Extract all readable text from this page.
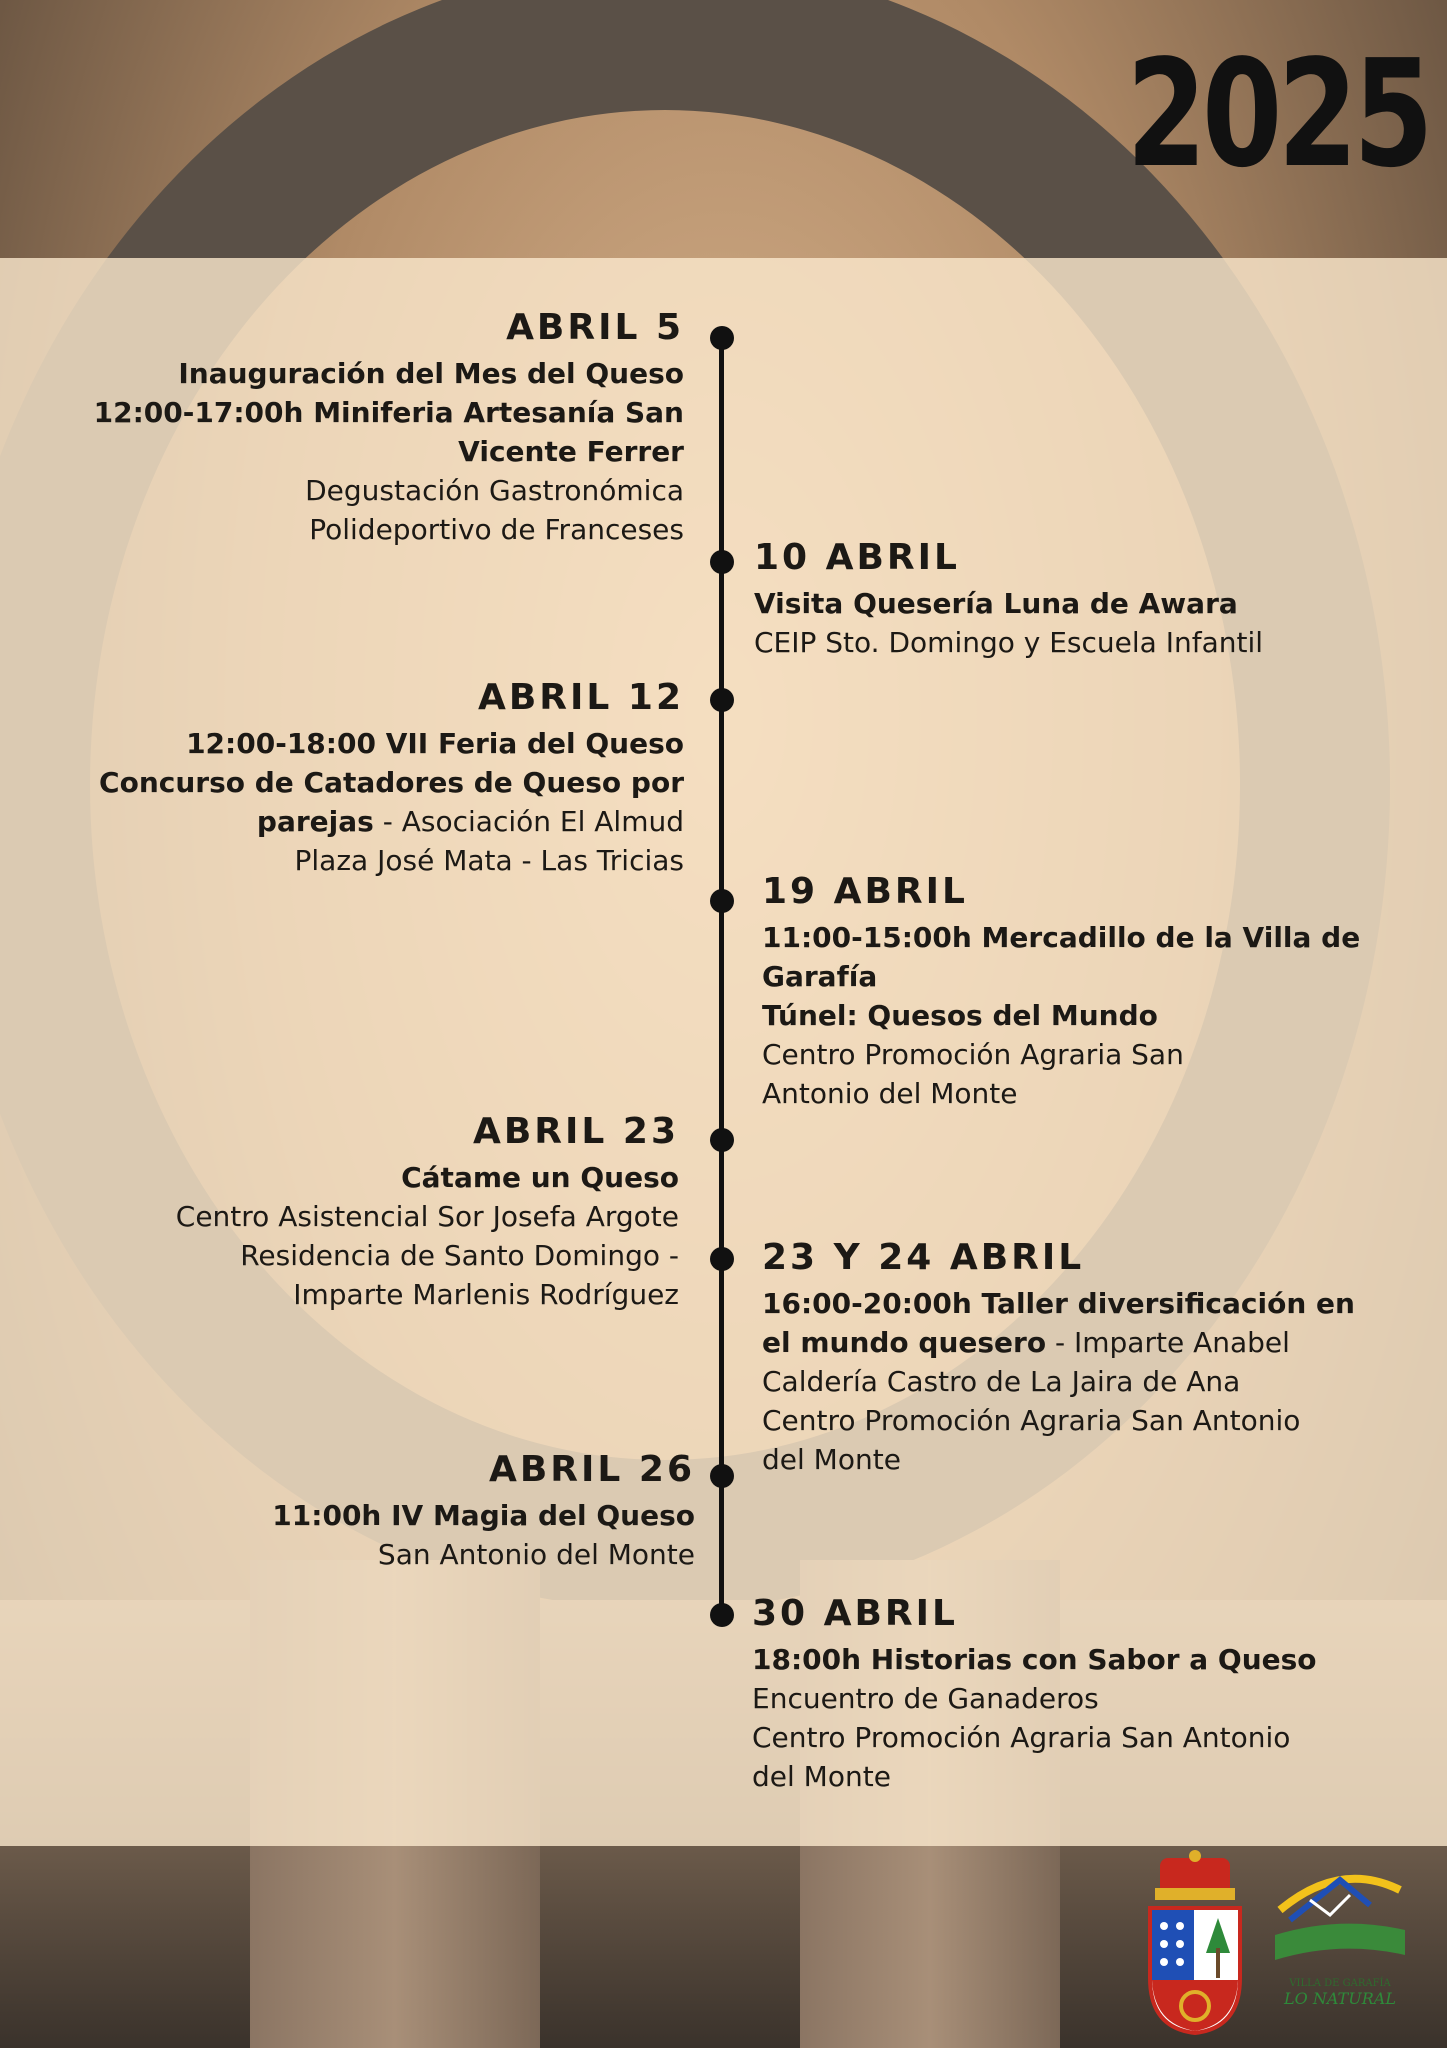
2025
ABRIL 5
Inauguración del Mes del Queso
12:00-17:00h Miniferia Artesanía San
Vicente Ferrer
Degustación Gastronómica
Polideportivo de Franceses
10 ABRIL
Visita Quesería Luna de Awara
CEIP Sto. Domingo y Escuela Infantil
ABRIL 12
12:00-18:00 VII Feria del Queso
Concurso de Catadores de Queso por
parejas - Asociación El Almud
Plaza José Mata - Las Tricias
19 ABRIL
11:00-15:00h Mercadillo de la Villa de
Garafía
Túnel: Quesos del Mundo
Centro Promoción Agraria San
Antonio del Monte
ABRIL 23
Cátame un Queso
Centro Asistencial Sor Josefa Argote
Residencia de Santo Domingo -
Imparte Marlenis Rodríguez
23 Y 24 ABRIL
16:00-20:00h Taller diversificación en
el mundo quesero - Imparte Anabel
Caldería Castro de La Jaira de Ana
Centro Promoción Agraria San Antonio
del Monte
ABRIL 26
11:00h IV Magia del Queso
San Antonio del Monte
30 ABRIL
18:00h Historias con Sabor a Queso
Encuentro de Ganaderos
Centro Promoción Agraria San Antonio
del Monte
VILLA DE GARAFÍA
LO NATURAL
